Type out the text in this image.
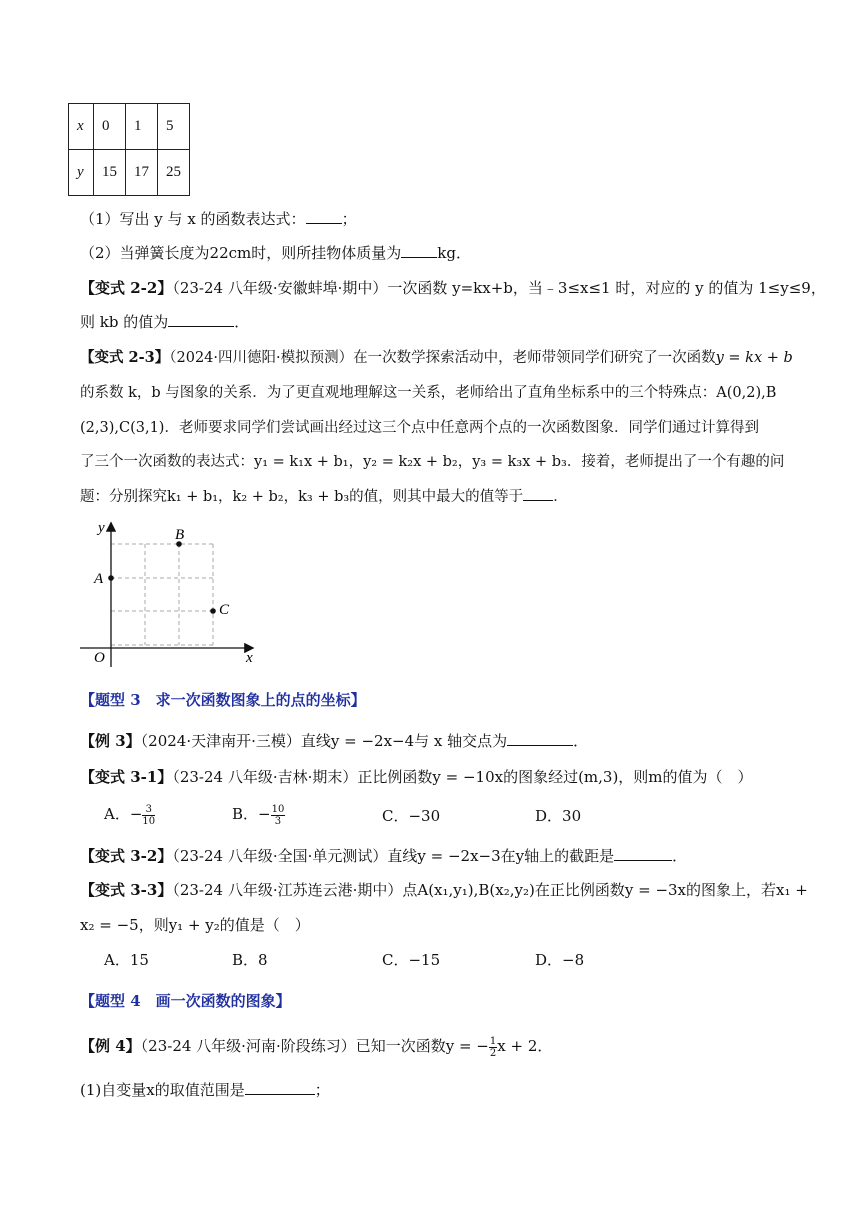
x	0	1	5
y	15	17	25
（1）写出 y 与 x 的函数表达式： ；
（2）当弹簧长度为22cm时，则所挂物体质量为 kg．
【变式 2-2】（23-24 八年级·安徽蚌埠·期中）一次函数 y=kx+b，当﹣3≤x≤1 时，对应的 y 的值为 1≤y≤9，
则 kb 的值为	．
【变式 2-3】（2024·四川德阳·模拟预测）在一次数学探索活动中，老师带领同学们研究了一次函数y = kx + b
的系数 k，b 与图象的关系．为了更直观地理解这一关系，老师给出了直角坐标系中的三个特殊点：A(0,2),B
(2,3),C(3,1)．老师要求同学们尝试画出经过这三个点中任意两个点的一次函数图象．同学们通过计算得到
了三个一次函数的表达式：y₁ = k₁x + b₁，y₂ = k₂x + b₂，y₃ = k₃x + b₃．接着，老师提出了一个有趣的问
题：分别探究k₁ + b₁，k₂ + b₂，k₃ + b₃的值，则其中最大的值等于 ．
y
x
O
A
B
C
【题型 3　求一次函数图象上的点的坐标】
【例 3】（2024·天津南开·三模）直线y = −2x−4与 x 轴交点为	．
【变式 3-1】（23-24 八年级·吉林·期末）正比例函数y = −10x的图象经过(m,3)，则m的值为（　）
A．− $\frac{3}{10}$	B．− $\frac{10}{3}$	C．−30	D．30
【变式 3-2】（23-24 八年级·全国·单元测试）直线y = −2x−3在y轴上的截距是	．
【变式 3-3】（23-24 八年级·江苏连云港·期中）点A(x₁,y₁),B(x₂,y₂)在正比例函数y = −3x的图象上，若x₁ +
x₂ = −5，则y₁ + y₂的值是（　）
A．15	B．8	C．−15	D．−8
【题型 4　画一次函数的图象】
【例 4】（23-24 八年级·河南·阶段练习）已知一次函数y = − $\frac{1}{2}$ x + 2．
(1)自变量x的取值范围是	；
